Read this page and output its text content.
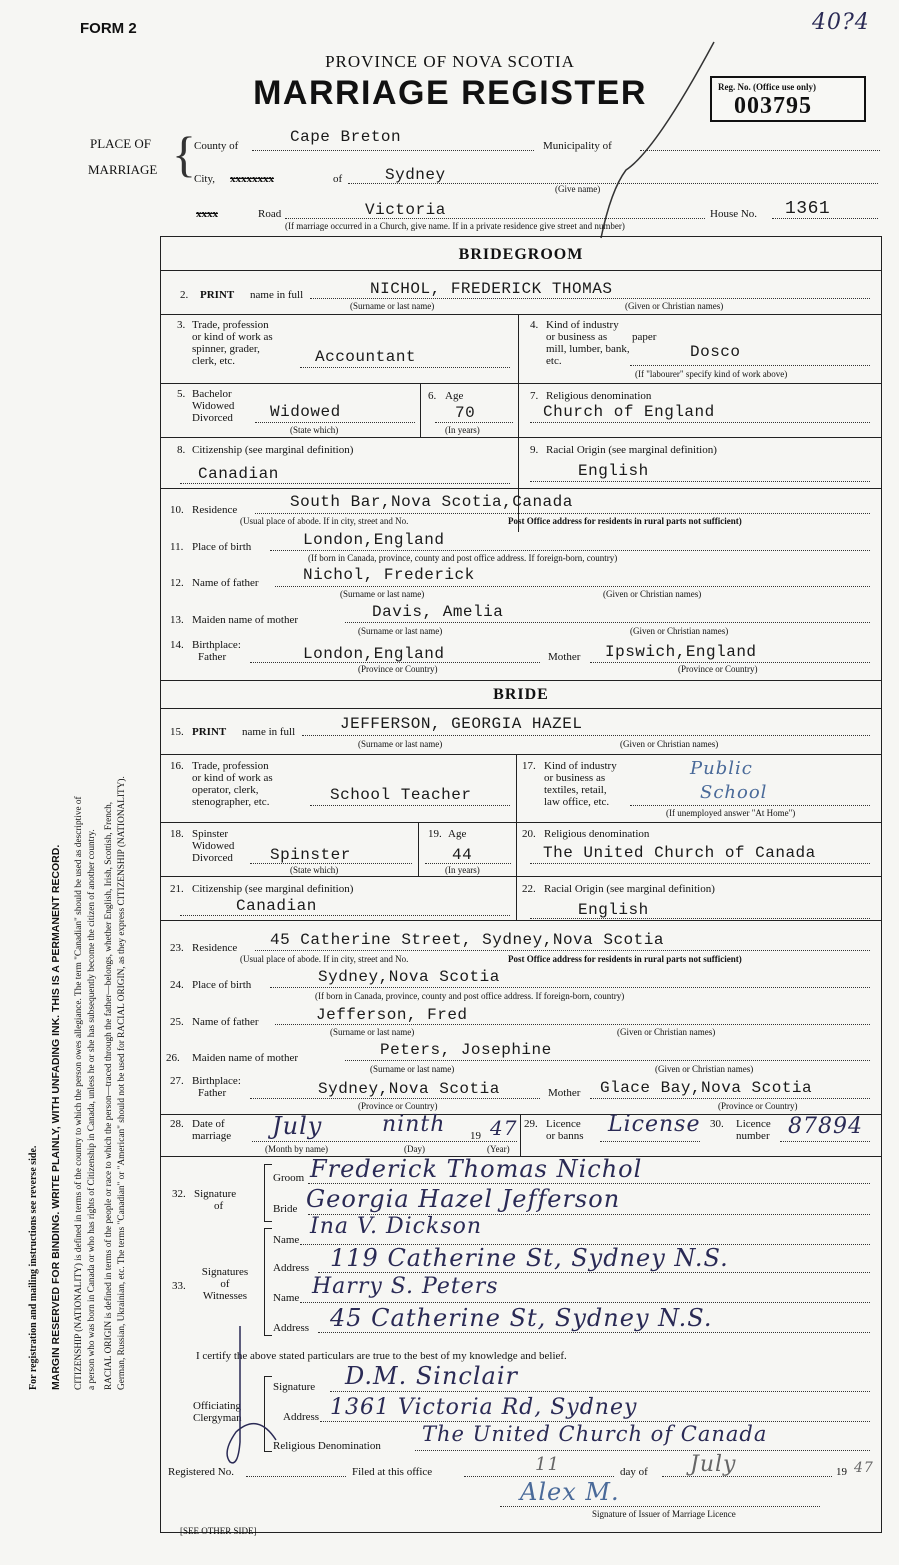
FORM 2	40?4
PROVINCE OF NOVA SCOTIA
MARRIAGE REGISTER	Reg. No. (Office use only)
003795
For registration and mailing instructions see reverse side.	MARGIN RESERVED FOR BINDING. WRITE PLAINLY, WITH UNFADING INK. THIS IS A PERMANENT RECORD.	CITIZENSHIP (NATIONALITY) is defined in terms of the country to which the person owes allegiance. The term "Canadian" should be used as descriptive of a person who was born in Canada or who has rights of Citizenship in Canada, unless he or she has subsequently become the citizen of another country. RACIAL ORIGIN is defined in terms of the people or race to which the person—traced through the father—belongs, whether English, Irish, Scottish, French, German, Russian, Ukrainian, etc. The terms "Canadian" or "American" should not be used for RACIAL ORIGIN, as they express CITIZENSHIP (NATIONALITY).
PLACE OF
MARRIAGE {
County of	Cape Breton	Municipality of
City, xxxxxxxx	of	Sydney
(Give name)
xxxx	Road	Victoria	House No. 1361
(If marriage occurred in a Church, give name. If in a private residence give street and number)
BRIDEGROOM
2. PRINT name in full	NICHOL, FREDERICK THOMAS
(Surname or last name)	(Given or Christian names)
3. Trade, profession
or kind of work as
spinner, grader,
clerk, etc.	Accountant
4. Kind of industry
or business as paper
mill, lumber, bank,
etc.	Dosco
(If "labourer" specify kind of work above)
5. Bachelor
Widowed
Divorced Widowed
(State which)
6. Age
70
(In years)
7. Religious denomination
Church of England
8. Citizenship (see marginal definition)
Canadian
9. Racial Origin (see marginal definition)
English
10. Residence	South Bar,Nova Scotia,Canada
(Usual place of abode. If in city, street and No.	Post Office address for residents in rural parts not sufficient)
11. Place of birth	London,England
(If born in Canada, province, county and post office address. If foreign-born, country)
12. Name of father	Nichol, Frederick
(Surname or last name)	(Given or Christian names)
13. Maiden name of mother	Davis, Amelia
(Surname or last name)	(Given or Christian names)
14. Birthplace:
Father	London,England	Mother Ipswich,England
(Province or Country)	(Province or Country)
BRIDE
15. PRINT name in full	JEFFERSON, GEORGIA HAZEL
(Surname or last name)	(Given or Christian names)
16. Trade, profession
or kind of work as
operator, clerk,
stenographer, etc.	School Teacher
17. Kind of industry
or business as
textiles, retail,
law office, etc.
Public
School
(If unemployed answer "At Home")
18. Spinster
Widowed
Divorced Spinster
(State which)
19. Age
44
(In years)
20. Religious denomination
The United Church of Canada
21. Citizenship (see marginal definition)
Canadian
22. Racial Origin (see marginal definition)
English
23. Residence 45 Catherine Street, Sydney,Nova Scotia
(Usual place of abode. If in city, street and No.	Post Office address for residents in rural parts not sufficient)
24. Place of birth	Sydney,Nova Scotia
(If born in Canada, province, county and post office address. If foreign-born, country)
25. Name of father	Jefferson, Fred
(Surname or last name)	(Given or Christian names)
26. Maiden name of mother	Peters, Josephine
(Surname or last name)	(Given or Christian names)
27. Birthplace:
Father	Sydney,Nova Scotia	Mother Glace Bay,Nova Scotia
(Province or Country)	(Province or Country)
28. Date of
marriage July	ninth 19 47
(Month by name)	(Day)	(Year)
29. Licence
or banns License 30. Licence
number 87894
32. Signature
of
Groom Frederick Thomas Nichol
Bride Georgia Hazel Jefferson
33.
Signatures
of
Witnesses
Name
Ina V. Dickson
Address 119 Catherine St, Sydney N.S.
Name Harry S. Peters
Address 45 Catherine St, Sydney N.S.
I certify the above stated particulars are true to the best of my knowledge and belief.
Officiating
Clergyman
Signature D.M. Sinclair
Address 1361 Victoria Rd, Sydney
Religious Denomination The United Church of Canada
Registered No.	Filed at this office	11	day of July	19 47
Alex M.
Signature of Issuer of Marriage Licence
[SEE OTHER SIDE]
